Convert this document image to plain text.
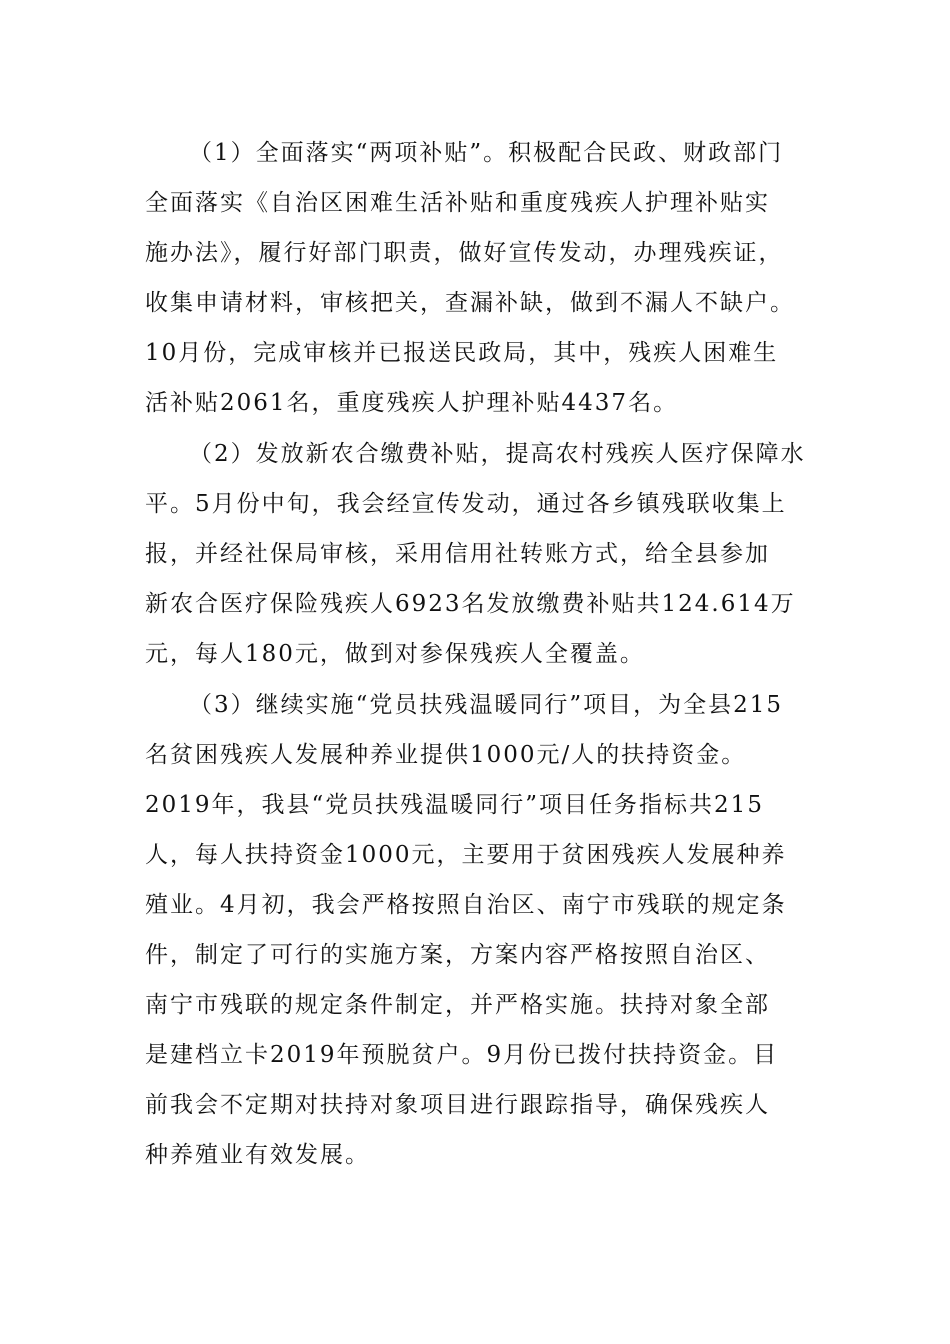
（1）全面落实“两项补贴”。积极配合民政、财政部门
全面落实《自治区困难生活补贴和重度残疾人护理补贴实
施办法》，履行好部门职责，做好宣传发动，办理残疾证，
收集申请材料，审核把关，查漏补缺，做到不漏人不缺户。
10月份，完成审核并已报送民政局，其中，残疾人困难生
活补贴2061名，重度残疾人护理补贴4437名。
（2）发放新农合缴费补贴，提高农村残疾人医疗保障水
平。5月份中旬，我会经宣传发动，通过各乡镇残联收集上
报，并经社保局审核，采用信用社转账方式，给全县参加
新农合医疗保险残疾人6923名发放缴费补贴共124.614万
元，每人180元，做到对参保残疾人全覆盖。
（3）继续实施“党员扶残温暖同行”项目，为全县215
名贫困残疾人发展种养业提供1000元/人的扶持资金。
2019年，我县“党员扶残温暖同行”项目任务指标共215
人，每人扶持资金1000元，主要用于贫困残疾人发展种养
殖业。4月初，我会严格按照自治区、南宁市残联的规定条
件，制定了可行的实施方案，方案内容严格按照自治区、
南宁市残联的规定条件制定，并严格实施。扶持对象全部
是建档立卡2019年预脱贫户。9月份已拨付扶持资金。目
前我会不定期对扶持对象项目进行跟踪指导，确保残疾人
种养殖业有效发展。
